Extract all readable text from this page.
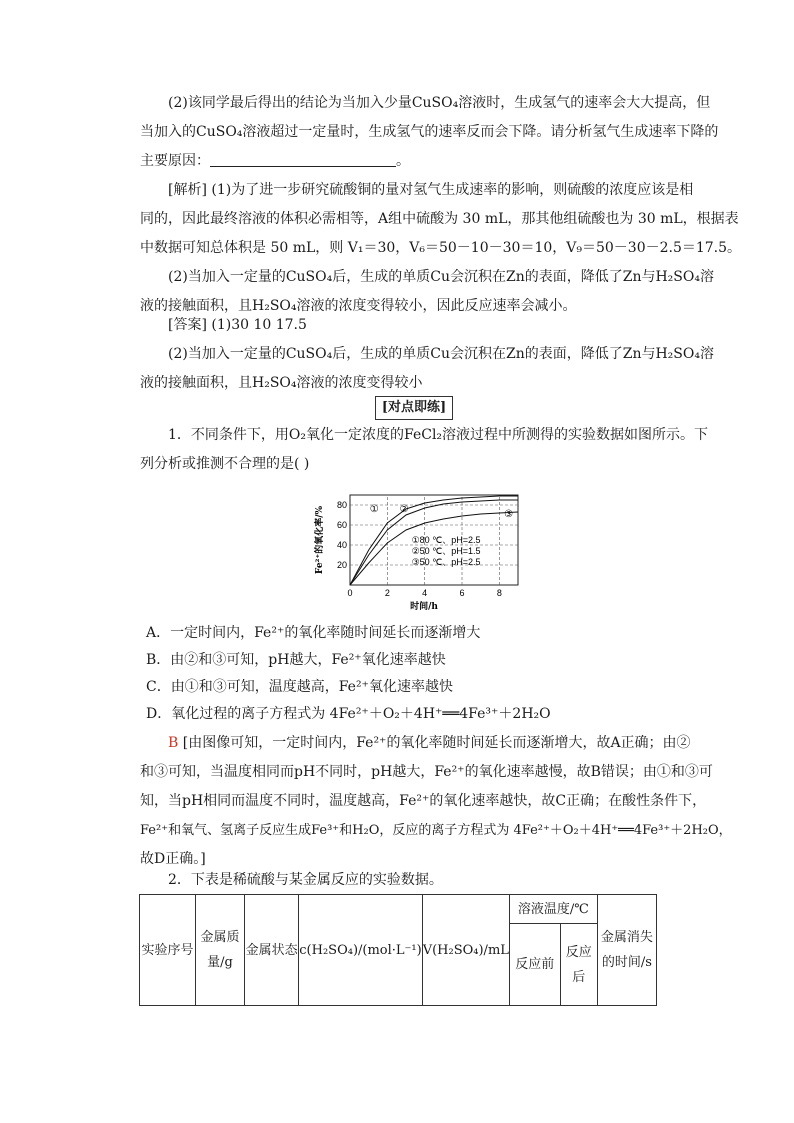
(2)该同学最后得出的结论为当加入少量CuSO₄溶液时，生成氢气的速率会大大提高，但
当加入的CuSO₄溶液超过一定量时，生成氢气的速率反而会下降。请分析氢气生成速率下降的
主要原因：	。
[解析] (1)为了进一步研究硫酸铜的量对氢气生成速率的影响，则硫酸的浓度应该是相
同的，因此最终溶液的体积必需相等，A组中硫酸为 30 mL，那其他组硫酸也为 30 mL，根据表
中数据可知总体积是 50 mL，则 V₁＝30，V₆＝50－10－30＝10，V₉＝50－30－2.5＝17.5。
(2)当加入一定量的CuSO₄后，生成的单质Cu会沉积在Zn的表面，降低了Zn与H₂SO₄溶
液的接触面积，且H₂SO₄溶液的浓度变得较小，因此反应速率会减小。
[答案] (1)30 10 17.5
(2)当加入一定量的CuSO₄后，生成的单质Cu会沉积在Zn的表面，降低了Zn与H₂SO₄溶
液的接触面积，且H₂SO₄溶液的浓度变得较小
[对点即练]
1．不同条件下，用O₂氧化一定浓度的FeCl₂溶液过程中所测得的实验数据如图所示。下
列分析或推测不合理的是( )
0	2	4	6	8
20
40
60
80
时间/h
Fe²⁺的氧化率/%	① ②	③
①80 ℃、pH=2.5
②50 ℃、pH=1.5
③50 ℃、pH=2.5
A．一定时间内，Fe²⁺的氧化率随时间延长而逐渐增大
B．由②和③可知，pH越大，Fe²⁺氧化速率越快
C．由①和③可知，温度越高，Fe²⁺氧化速率越快
D．氧化过程的离子方程式为 4Fe²⁺＋O₂＋4H⁺══4Fe³⁺＋2H₂O
B [由图像可知，一定时间内，Fe²⁺的氧化率随时间延长而逐渐增大，故A正确；由②
和③可知，当温度相同而pH不同时，pH越大，Fe²⁺的氧化速率越慢，故B错误；由①和③可
知，当pH相同而温度不同时，温度越高，Fe²⁺的氧化速率越快，故C正确；在酸性条件下，
Fe²⁺和氧气、氢离子反应生成Fe³⁺和H₂O，反应的离子方程式为 4Fe²⁺＋O₂＋4H⁺══4Fe³⁺＋2H₂O，
故D正确。]
2．下表是稀硫酸与某金属反应的实验数据。
实验序号	金属质量/g	金属状态	c(H₂SO₄)/(mol·L⁻¹)	V(H₂SO₄)/mL	溶液温度/℃		金属消失的时间/s
					反应前	反应后	
